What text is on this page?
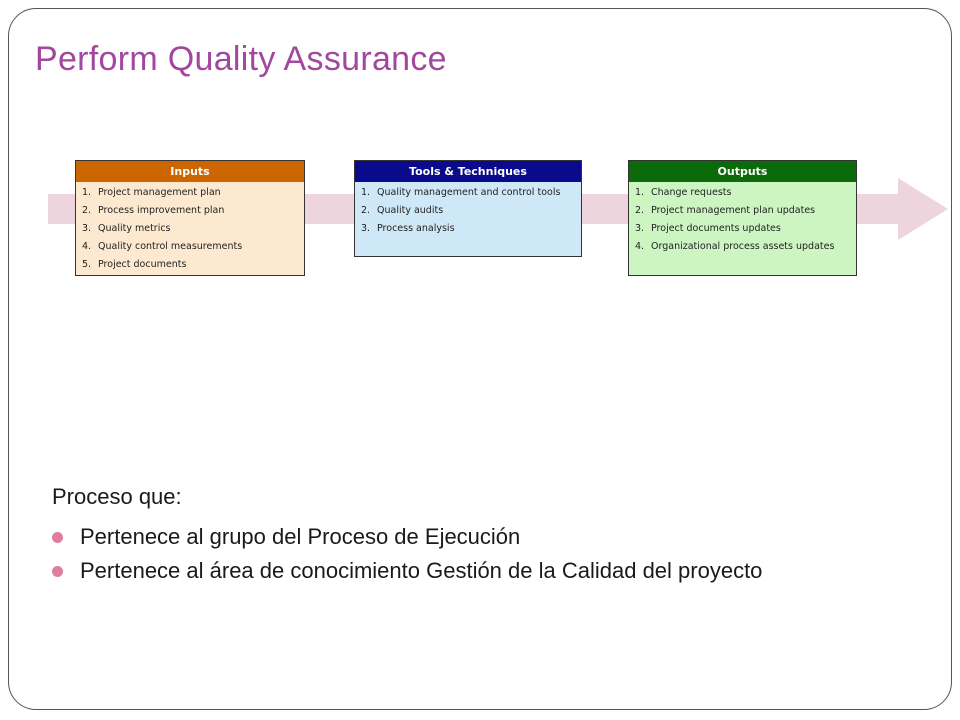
Perform Quality Assurance
Inputs
1. Project management plan
2. Process improvement plan
3. Quality metrics
4. Quality control measurements
5. Project documents
Tools & Techniques
1. Quality management and control tools
2. Quality audits
3. Process analysis
Outputs
1. Change requests
2. Project management plan updates
3. Project documents updates
4. Organizational process assets updates
Proceso que:
Pertenece al grupo del Proceso de Ejecución
Pertenece al área de conocimiento Gestión de la Calidad del proyecto
